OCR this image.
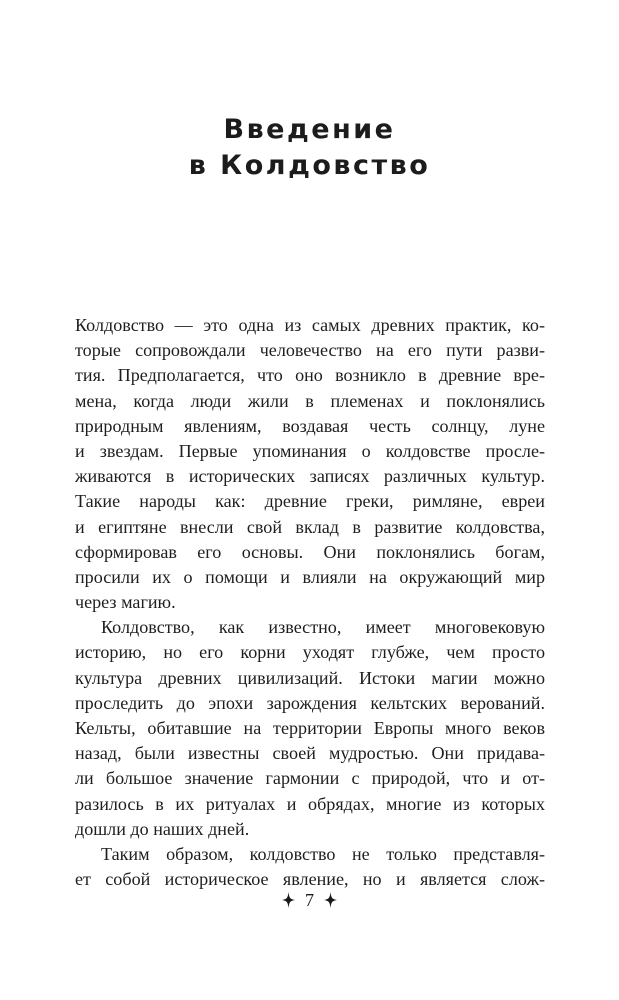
Введение
в Колдовство
Колдовство — это одна из самых древних практик, ко-
торые сопровождали человечество на его пути разви-
тия. Предполагается, что оно возникло в древние вре-
мена, когда люди жили в племенах и поклонялись
природным явлениям, воздавая честь солнцу, луне
и звездам. Первые упоминания о колдовстве просле-
живаются в исторических записях различных культур.
Такие народы как: древние греки, римляне, евреи
и египтяне внесли свой вклад в развитие колдовства,
сформировав его основы. Они поклонялись богам,
просили их о помощи и влияли на окружающий мир
через магию.
Колдовство, как известно, имеет многовековую
историю, но его корни уходят глубже, чем просто
культура древних цивилизаций. Истоки магии можно
проследить до эпохи зарождения кельтских верований.
Кельты, обитавшие на территории Европы много веков
назад, были известны своей мудростью. Они придава-
ли большое значение гармонии с природой, что и от-
разилось в их ритуалах и обрядах, многие из которых
дошли до наших дней.
Таким образом, колдовство не только представля-
ет собой историческое явление, но и является слож-
7
